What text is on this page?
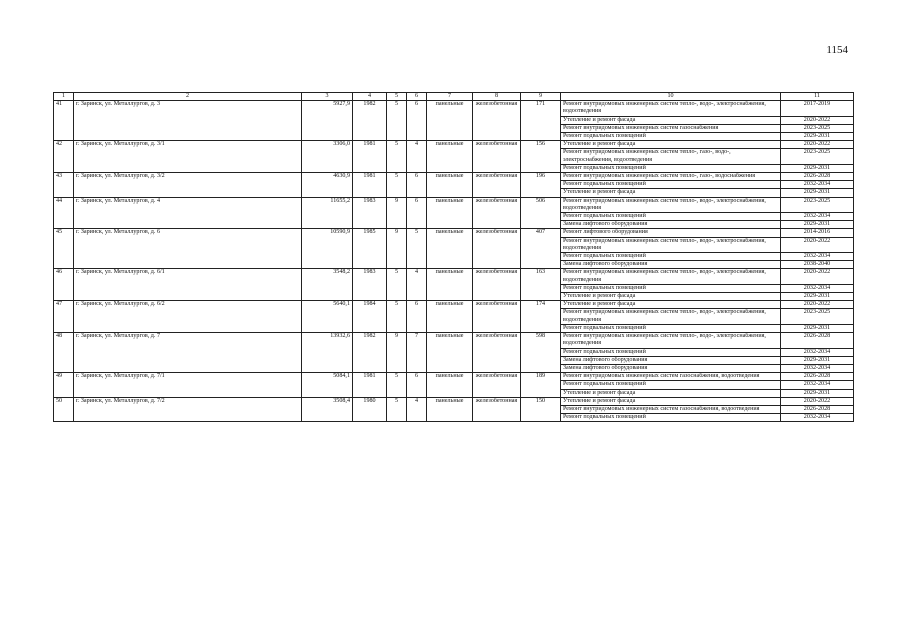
1154
1	2	3	4	5	6	7	8	9	10	11
41	г. Заринск, ул. Металлургов, д. 3	5927,9	1982	5	6	панельные	железобетонная	171	Ремонт внутридомовых инженерных систем тепло-, водо-, электроснабжения, водоотведения	2017-2019
									Утепление и ремонт фасада	2020-2022
									Ремонт внутридомовых инженерных систем газоснабжения	2023-2025
									Ремонт подвальных помещений	2029-2031
42	г. Заринск, ул. Металлургов, д. 3/1	3306,0	1981	5	4	панельные	железобетонная	156	Утепление и ремонт фасада	2020-2022
									Ремонт внутридомовых инженерных систем тепло-, газо-, водо-, электроснабжения, водоотведения	2023-2025
									Ремонт подвальных помещений	2029-2031
43	г. Заринск, ул. Металлургов, д. 3/2	4630,9	1981	5	6	панельные	железобетонная	196	Ремонт внутридомовых инженерных систем тепло-, газо-, водоснабжения	2026-2028
									Ремонт подвальных помещений	2032-2034
									Утепление и ремонт фасада	2029-2031
44	г. Заринск, ул. Металлургов, д. 4	11655,2	1983	9	6	панельные	железобетонная	506	Ремонт внутридомовых инженерных систем тепло-, водо-, электроснабжения, водоотведения	2023-2025
									Ремонт подвальных помещений	2032-2034
									Замена лифтового оборудования	2029-2031
45	г. Заринск, ул. Металлургов, д. 6	10590,9	1985	9	5	панельные	железобетонная	407	Ремонт лифтового оборудования	2014-2016
									Ремонт внутридомовых инженерных систем тепло-, водо-, электроснабжения, водоотведения	2020-2022
									Ремонт подвальных помещений	2032-2034
									Замена лифтового оборудования	2038-2040
46	г. Заринск, ул. Металлургов, д. 6/1	3548,2	1983	5	4	панельные	железобетонная	163	Ремонт внутридомовых инженерных систем тепло-, водо-, электроснабжения, водоотведения	2020-2022
									Ремонт подвальных помещений	2032-2034
									Утепление и ремонт фасада	2029-2031
47	г. Заринск, ул. Металлургов, д. 6/2	5640,1	1984	5	6	панельные	железобетонная	174	Утепление и ремонт фасада	2020-2022
									Ремонт внутридомовых инженерных систем тепло-, водо-, электроснабжения, водоотведения	2023-2025
									Ремонт подвальных помещений	2029-2031
48	г. Заринск, ул. Металлургов, д. 7	13932,6	1982	9	7	панельные	железобетонная	598	Ремонт внутридомовых инженерных систем тепло-, водо-, электроснабжения, водоотведения	2026-2028
									Ремонт подвальных помещений	2032-2034
									Замена лифтового оборудования	2029-2031
									Замена лифтового оборудования	2032-2034
49	г. Заринск, ул. Металлургов, д. 7/1	5084,1	1981	5	6	панельные	железобетонная	189	Ремонт внутридомовых инженерных систем газоснабжения, водоотведения	2026-2028
									Ремонт подвальных помещений	2032-2034
									Утепление и ремонт фасада	2029-2031
50	г. Заринск, ул. Металлургов, д. 7/2	3508,4	1980	5	4	панельные	железобетонная	150	Утепление и ремонт фасада	2020-2022
									Ремонт внутридомовых инженерных систем газоснабжения, водоотведения	2026-2028
									Ремонт подвальных помещений	2032-2034
